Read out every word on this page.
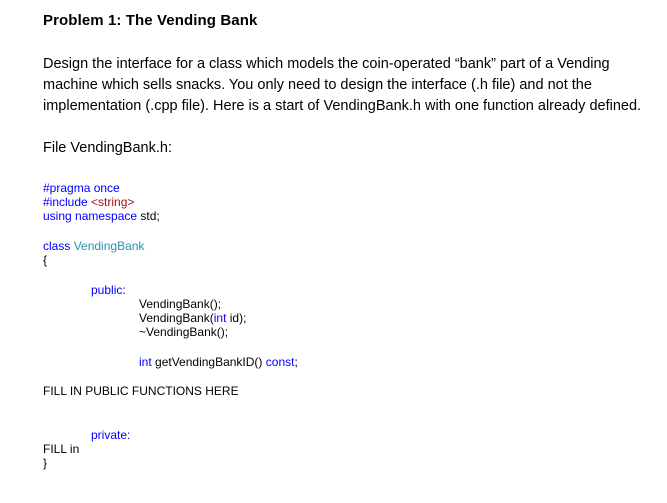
Problem 1: The Vending Bank
Design the interface for a class which models the coin-operated “bank” part of a Vending
machine which sells snacks. You only need to design the interface (.h file) and not the
implementation (.cpp file). Here is a start of VendingBank.h with one function already defined.
File VendingBank.h:
#pragma once
#include <string>
using namespace std;
class VendingBank
{
public:
VendingBank();
VendingBank(int id);
~VendingBank();
int getVendingBankID() const;
FILL IN PUBLIC FUNCTIONS HERE
private:
FILL in
}
